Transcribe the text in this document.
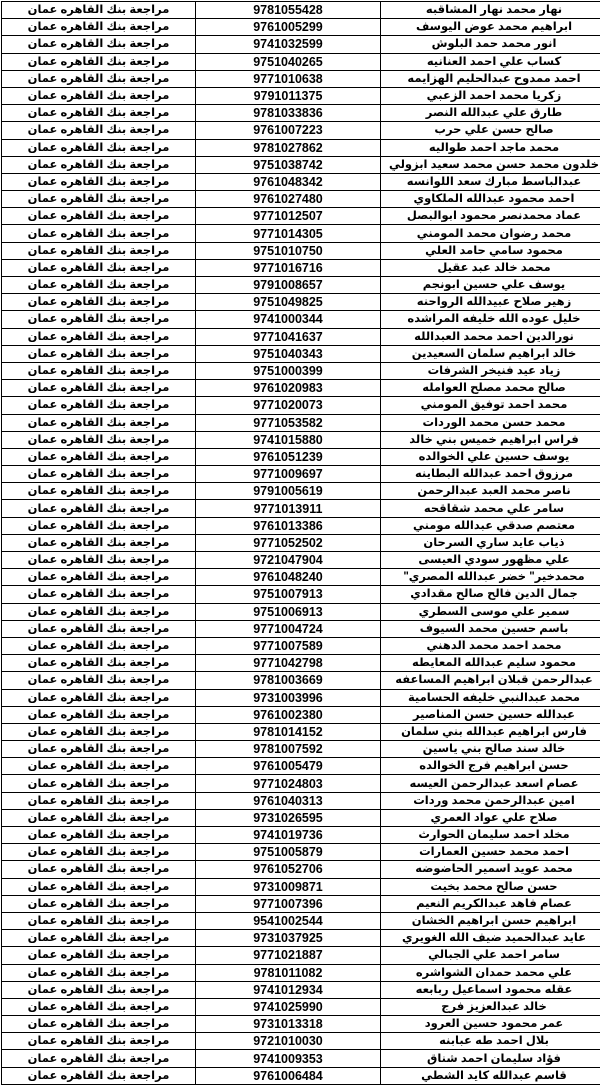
مراجعة بنك القاهره عمان	9781055428	نهار محمد نهار المشاقبه
مراجعة بنك القاهره عمان	9761005299	ابراهيم محمد عوض اليوسف
مراجعة بنك القاهره عمان	9741032599	انور محمد حمد البلوش
مراجعة بنك القاهره عمان	9751040265	كساب علي احمد العنانيه
مراجعة بنك القاهره عمان	9771010638	احمد ممدوح عبدالحليم الهزايمه
مراجعة بنك القاهره عمان	9791011375	زكريا محمد احمد الزعبي
مراجعة بنك القاهره عمان	9781033836	طارق علي عبدالله النصر
مراجعة بنك القاهره عمان	9761007223	صالح حسن علي حرب
مراجعة بنك القاهره عمان	9781027862	محمد ماجد احمد طواليه
مراجعة بنك القاهره عمان	9751038742	خلدون محمد حسن محمد سعيد ابزولي
مراجعة بنك القاهره عمان	9761048342	عبدالباسط مبارك سعد اللوانسه
مراجعة بنك القاهره عمان	9761027480	احمد محمود عبدالله الملكاوي
مراجعة بنك القاهره عمان	9771012507	عماد محمدنصر محمود ابوالبصل
مراجعة بنك القاهره عمان	9771014305	محمد رضوان محمد المومني
مراجعة بنك القاهره عمان	9751010750	محمود سامي حامد العلي
مراجعة بنك القاهره عمان	9771016716	محمد خالد عبد عقيل
مراجعة بنك القاهره عمان	9791008657	يوسف علي حسين ابونجم
مراجعة بنك القاهره عمان	9751049825	زهير صلاح عبيدالله الرواحنه
مراجعة بنك القاهره عمان	9741000344	خليل عوده الله خليفه المراشده
مراجعة بنك القاهره عمان	9771041637	نورالدين احمد محمد العبدالله
مراجعة بنك القاهره عمان	9751040343	خالد ابراهيم سلمان السعيدين
مراجعة بنك القاهره عمان	9751000399	زياد عيد فنيخر الشرفات
مراجعة بنك القاهره عمان	9761020983	صالح محمد مصلح العوامله
مراجعة بنك القاهره عمان	9771020073	محمد احمد توفيق المومني
مراجعة بنك القاهره عمان	9771053582	محمد حسن محمد الوردات
مراجعة بنك القاهره عمان	9741015880	فراس ابراهيم خميس بني خالد
مراجعة بنك القاهره عمان	9761051239	يوسف حسين علي الخوالده
مراجعة بنك القاهره عمان	9771009697	مرزوق احمد عبدالله البطاينه
مراجعة بنك القاهره عمان	9791005619	ناصر محمد العبد عبدالرحمن
مراجعة بنك القاهره عمان	9771013911	سامر علي محمد شقاقحه
مراجعة بنك القاهره عمان	9761013386	معتصم صدقي عبدالله مومني
مراجعة بنك القاهره عمان	9771052502	ذياب عايد ساري السرحان
مراجعة بنك القاهره عمان	9721047904	علي مظهور سودي العيسى
مراجعة بنك القاهره عمان	9761048240	محمدخير" خضر عبدالله المصري"
مراجعة بنك القاهره عمان	9751007913	جمال الدين فالح صالح مقدادي
مراجعة بنك القاهره عمان	9751006913	سمير علي موسى السطري
مراجعة بنك القاهره عمان	9771004724	باسم حسين محمد السيوف
مراجعة بنك القاهره عمان	9771007589	محمد احمد محمد الدهني
مراجعة بنك القاهره عمان	9771042798	محمود سليم عبدالله المعايطه
مراجعة بنك القاهره عمان	9781003669	عبدالرحمن قبلان ابراهيم المساعفه
مراجعة بنك القاهره عمان	9731003996	محمد عبدالنبي خليفه الحسامية
مراجعة بنك القاهره عمان	9761002380	عبدالله حسين حسن المناصير
مراجعة بنك القاهره عمان	9781014152	فارس ابراهيم عبدالله بني سلمان
مراجعة بنك القاهره عمان	9781007592	خالد سند صالح بني ياسين
مراجعة بنك القاهره عمان	9761005479	حسن ابراهيم فرج الخوالده
مراجعة بنك القاهره عمان	9771024803	عصام اسعد عبدالرحمن العيسه
مراجعة بنك القاهره عمان	9761040313	امين عبدالرحمن محمد وردات
مراجعة بنك القاهره عمان	9731026595	صلاح علي عواد العمري
مراجعة بنك القاهره عمان	9741019736	مخلد احمد سليمان الحوارث
مراجعة بنك القاهره عمان	9751005879	احمد محمد حسين العمارات
مراجعة بنك القاهره عمان	9761052706	محمد عويد اسمير الحاضوضه
مراجعة بنك القاهره عمان	9731009871	حسن صالح محمد بخيت
مراجعة بنك القاهره عمان	9771007396	عصام فاهد عبدالكريم النعيم
مراجعة بنك القاهره عمان	9541002544	ابراهيم حسن ابراهيم الخشان
مراجعة بنك القاهره عمان	9731037925	عايد عبدالحميد ضيف الله الغويري
مراجعة بنك القاهره عمان	9771021887	سامر احمد علي الجبالي
مراجعة بنك القاهره عمان	9781011082	علي محمد حمدان الشواشره
مراجعة بنك القاهره عمان	9741012934	عقله محمود اسماعيل ربابعه
مراجعة بنك القاهره عمان	9741025990	خالد عبدالعزيز فرج
مراجعة بنك القاهره عمان	9731013318	عمر محمود حسين العرود
مراجعة بنك القاهره عمان	9721010030	بلال احمد طه عبابنه
مراجعة بنك القاهره عمان	9741009353	فؤاد سليمان احمد شناق
مراجعة بنك القاهره عمان	9761006484	قاسم عبدالله كايد الشطي
